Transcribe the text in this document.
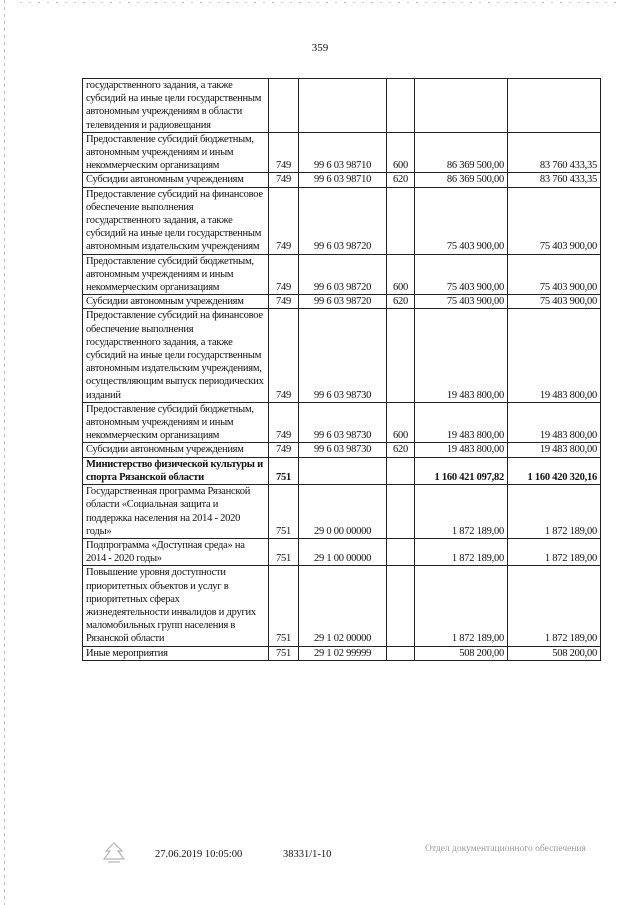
359
государственного задания, а также субсидий на иные цели государственным автономным учреждениям в области телевидения и радиовещания					
Предоставление субсидий бюджетным, автономным учреждениям и иным некоммерческим организациям	749	99 6 03 98710	600	86 369 500,00	83 760 433,35
Субсидии автономным учреждениям	749	99 6 03 98710	620	86 369 500,00	83 760 433,35
Предоставление субсидий на финансовое обеспечение выполнения государственного задания, а также субсидий на иные цели государственным автономным издательским учреждениям	749	99 6 03 98720		75 403 900,00	75 403 900,00
Предоставление субсидий бюджетным, автономным учреждениям и иным некоммерческим организациям	749	99 6 03 98720	600	75 403 900,00	75 403 900,00
Субсидии автономным учреждениям	749	99 6 03 98720	620	75 403 900,00	75 403 900,00
Предоставление субсидий на финансовое обеспечение выполнения государственного задания, а также субсидий на иные цели государственным автономным издательским учреждениям, осуществляющим выпуск периодических изданий	749	99 6 03 98730		19 483 800,00	19 483 800,00
Предоставление субсидий бюджетным, автономным учреждениям и иным некоммерческим организациям	749	99 6 03 98730	600	19 483 800,00	19 483 800,00
Субсидии автономным учреждениям	749	99 6 03 98730	620	19 483 800,00	19 483 800,00
Министерство физической культуры и спорта Рязанской области	751			1 160 421 097,82	1 160 420 320,16
Государственная программа Рязанской области «Социальная защита и поддержка населения на 2014 - 2020 годы»	751	29 0 00 00000		1 872 189,00	1 872 189,00
Подпрограмма «Доступная среда» на 2014 - 2020 годы»	751	29 1 00 00000		1 872 189,00	1 872 189,00
Повышение уровня доступности приоритетных объектов и услуг в приоритетных сферах жизнедеятельности инвалидов и других маломобильных групп населения в Рязанской области	751	29 1 02 00000		1 872 189,00	1 872 189,00
Иные мероприятия	751	29 1 02 99999		508 200,00	508 200,00
27.06.2019 10:05:00	38331/1-10	Отдел документационного обеспечения
